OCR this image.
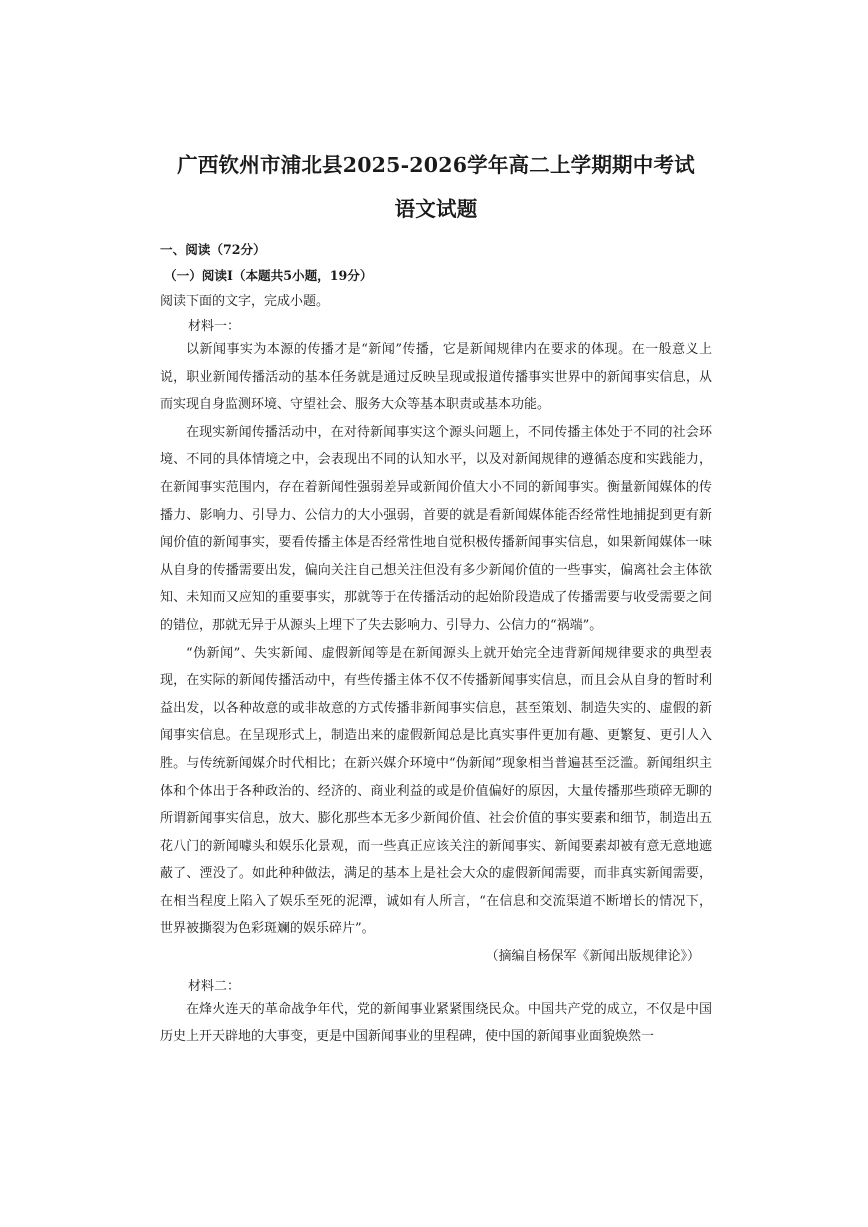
广西钦州市浦北县2025-2026学年高二上学期期中考试
语文试题
一、阅读（72分）
（一）阅读Ⅰ（本题共5小题，19分）
阅读下面的文字，完成小题。
材料一：

以新闻事实为本源的传播才是“新闻”传播，它是新闻规律内在要求的体现。在一般意义上说，职业新闻传播活动的基本任务就是通过反映呈现或报道传播事实世界中的新闻事实信息，从而实现自身监测环境、守望社会、服务大众等基本职责或基本功能。

在现实新闻传播活动中，在对待新闻事实这个源头问题上，不同传播主体处于不同的社会环境、不同的具体情境之中，会表现出不同的认知水平，以及对新闻规律的遵循态度和实践能力，在新闻事实范围内，存在着新闻性强弱差异或新闻价值大小不同的新闻事实。衡量新闻媒体的传播力、影响力、引导力、公信力的大小强弱，首要的就是看新闻媒体能否经常性地捕捉到更有新闻价值的新闻事实，要看传播主体是否经常性地自觉积极传播新闻事实信息，如果新闻媒体一味从自身的传播需要出发，偏向关注自己想关注但没有多少新闻价值的一些事实，偏离社会主体欲知、未知而又应知的重要事实，那就等于在传播活动的起始阶段造成了传播需要与收受需要之间的错位，那就无异于从源头上埋下了失去影响力、引导力、公信力的“祸端”。

“伪新闻”、失实新闻、虚假新闻等是在新闻源头上就开始完全违背新闻规律要求的典型表现，在实际的新闻传播活动中，有些传播主体不仅不传播新闻事实信息，而且会从自身的暂时利益出发，以各种故意的或非故意的方式传播非新闻事实信息，甚至策划、制造失实的、虚假的新闻事实信息。在呈现形式上，制造出来的虚假新闻总是比真实事件更加有趣、更繁复、更引人入胜。与传统新闻媒介时代相比；在新兴媒介环境中“伪新闻”现象相当普遍甚至泛滥。新闻组织主体和个体出于各种政治的、经济的、商业利益的或是价值偏好的原因，大量传播那些琐碎无聊的所谓新闻事实信息，放大、膨化那些本无多少新闻价值、社会价值的事实要素和细节，制造出五花八门的新闻噱头和娱乐化景观，而一些真正应该关注的新闻事实、新闻要素却被有意无意地遮蔽了、湮没了。如此种种做法，满足的基本上是社会大众的虚假新闻需要，而非真实新闻需要，在相当程度上陷入了娱乐至死的泥潭，诚如有人所言，“在信息和交流渠道不断增长的情况下，世界被撕裂为色彩斑斓的娱乐碎片”。

（摘编自杨保军《新闻出版规律论》）
材料二：

在烽火连天的革命战争年代，党的新闻事业紧紧围绕民众。中国共产党的成立，不仅是中国历史上开天辟地的大事变，更是中国新闻事业的里程碑，使中国的新闻事业面貌焕然一
